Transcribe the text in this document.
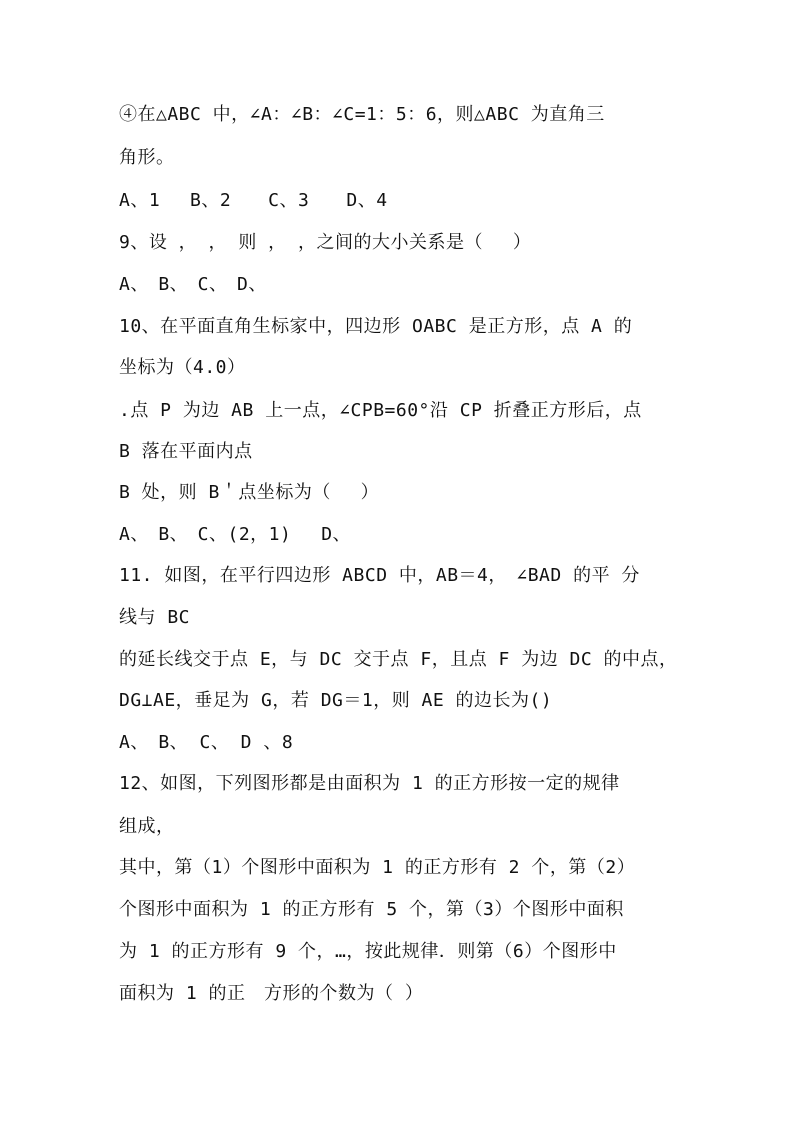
④在△ABC 中，∠A：∠B：∠C=1：5：6，则△ABC 为直角三
角形。
A、1　 B、2　　C、3　　D、4
9、设 ， ， 则 ， ，之间的大小关系是（　 ）
A、　B、　C、　D、
10、在平面直角生标家中，四边形 OABC 是正方形，点 A 的
坐标为（4.0）
.点 P 为边 AB 上一点，∠CPB=60°沿 CP 折叠正方形后，点
B 落在平面内点
B 处，则 B＇点坐标为（　 ）
A、　B、　C、(2，1)　 D、
11. 如图，在平行四边形 ABCD 中，AB＝4，　∠BAD 的平 分
线与 BC
的延长线交于点 E，与 DC 交于点 F，且点 F 为边 DC 的中点，
DG⊥AE，垂足为 G，若 DG＝1，则 AE 的边长为()
A、　B、 C、 D 、8
12、如图，下列图形都是由面积为 1 的正方形按一定的规律
组成，
其中，第（1）个图形中面积为 1 的正方形有 2 个，第（2）
个图形中面积为 1 的正方形有 5 个，第（3）个图形中面积
为 1 的正方形有 9 个，…，按此规律．则第（6）个图形中
面积为 1 的正　方形的个数为（ ）
